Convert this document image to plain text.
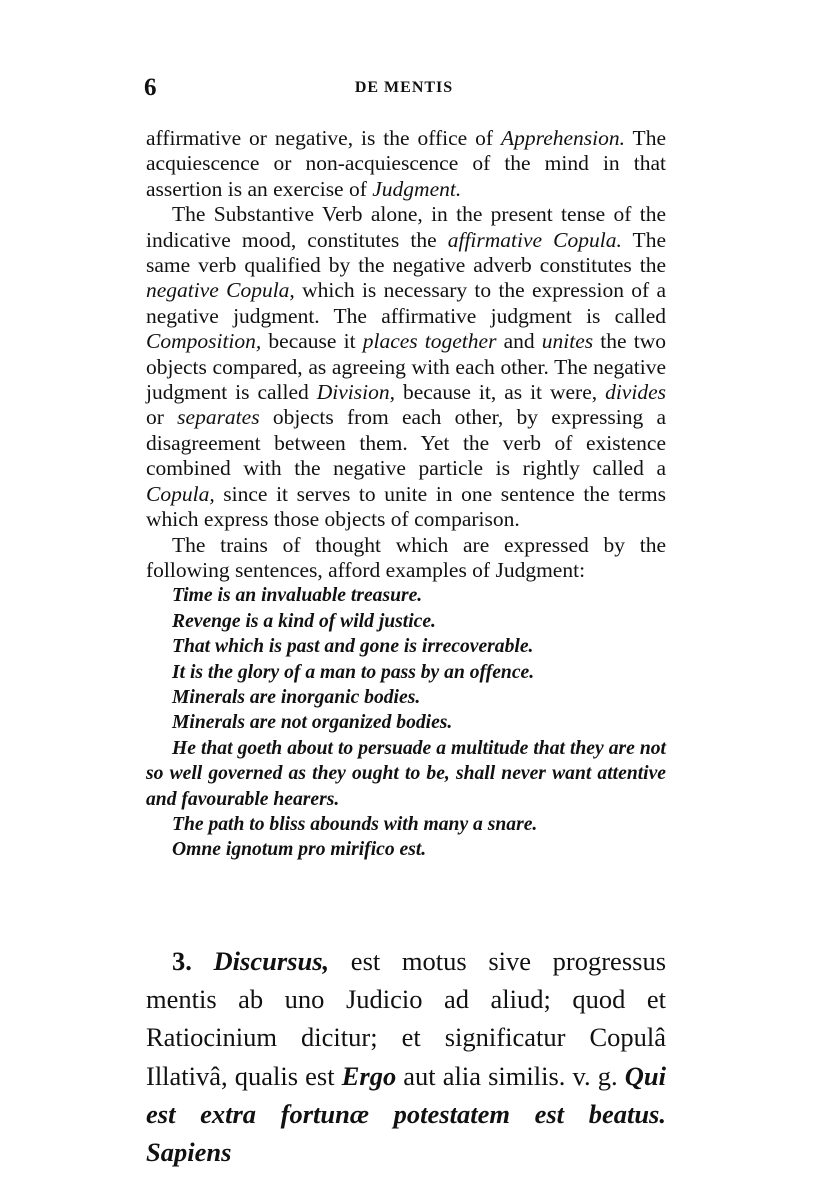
6	DE MENTIS

affirmative or negative, is the office of Apprehension. The acquiescence or non-acquiescence of the mind in that assertion is an exercise of Judgment.

The Substantive Verb alone, in the present tense of the indicative mood, constitutes the affirmative Copula. The same verb qualified by the negative adverb constitutes the negative Copula, which is necessary to the expression of a negative judgment. The affirmative judgment is called Composition, because it places together and unites the two objects compared, as agreeing with each other. The negative judgment is called Division, because it, as it were, divides or separates objects from each other, by expressing a disagreement between them. Yet the verb of existence combined with the negative particle is rightly called a Copula, since it serves to unite in one sentence the terms which express those objects of comparison.

The trains of thought which are expressed by the following sentences, afford examples of Judgment:

Time is an invaluable treasure.
Revenge is a kind of wild justice.
That which is past and gone is irrecoverable.
It is the glory of a man to pass by an offence.
Minerals are inorganic bodies.
Minerals are not organized bodies.
He that goeth about to persuade a multitude that they are not so well governed as they ought to be, shall never want attentive and favourable hearers.
The path to bliss abounds with many a snare.
Omne ignotum pro mirifico est.

3. Discursus, est motus sive progressus mentis ab uno Judicio ad aliud; quod et Ratiocinium dicitur; et significatur Copulâ Illativâ, qualis est Ergo aut alia similis. v. g. Qui est extra fortunæ potestatem est beatus. Sapiens
